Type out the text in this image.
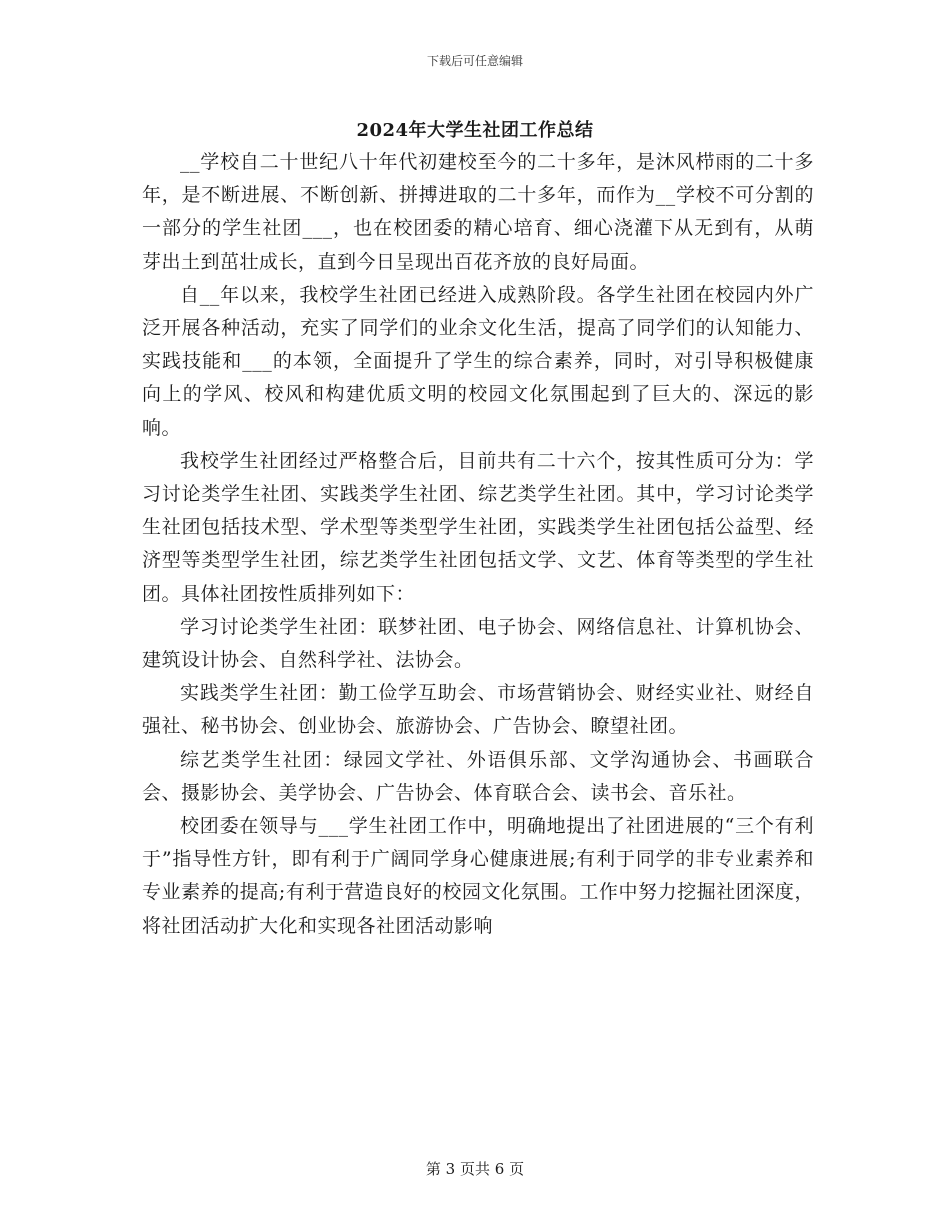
下载后可任意编辑
2024年大学生社团工作总结

__学校自二十世纪八十年代初建校至今的二十多年，是沐风栉雨的二十多年，是不断进展、不断创新、拼搏进取的二十多年，而作为__学校不可分割的一部分的学生社团___，也在校团委的精心培育、细心浇灌下从无到有，从萌芽出土到茁壮成长，直到今日呈现出百花齐放的良好局面。

自__年以来，我校学生社团已经进入成熟阶段。各学生社团在校园内外广泛开展各种活动，充实了同学们的业余文化生活，提高了同学们的认知能力、实践技能和___的本领，全面提升了学生的综合素养，同时，对引导积极健康向上的学风、校风和构建优质文明的校园文化氛围起到了巨大的、深远的影响。

我校学生社团经过严格整合后，目前共有二十六个，按其性质可分为：学习讨论类学生社团、实践类学生社团、综艺类学生社团。其中，学习讨论类学生社团包括技术型、学术型等类型学生社团，实践类学生社团包括公益型、经济型等类型学生社团，综艺类学生社团包括文学、文艺、体育等类型的学生社团。具体社团按性质排列如下：

学习讨论类学生社团：联梦社团、电子协会、网络信息社、计算机协会、建筑设计协会、自然科学社、法协会。

实践类学生社团：勤工俭学互助会、市场营销协会、财经实业社、财经自强社、秘书协会、创业协会、旅游协会、广告协会、瞭望社团。

综艺类学生社团：绿园文学社、外语俱乐部、文学沟通协会、书画联合会、摄影协会、美学协会、广告协会、体育联合会、读书会、音乐社。

校团委在领导与___学生社团工作中，明确地提出了社团进展的“三个有利于”指导性方针，即有利于广阔同学身心健康进展;有利于同学的非专业素养和专业素养的提高;有利于营造良好的校园文化氛围。工作中努力挖掘社团深度，将社团活动扩大化和实现各社团活动影响

第 3 页共 6 页
